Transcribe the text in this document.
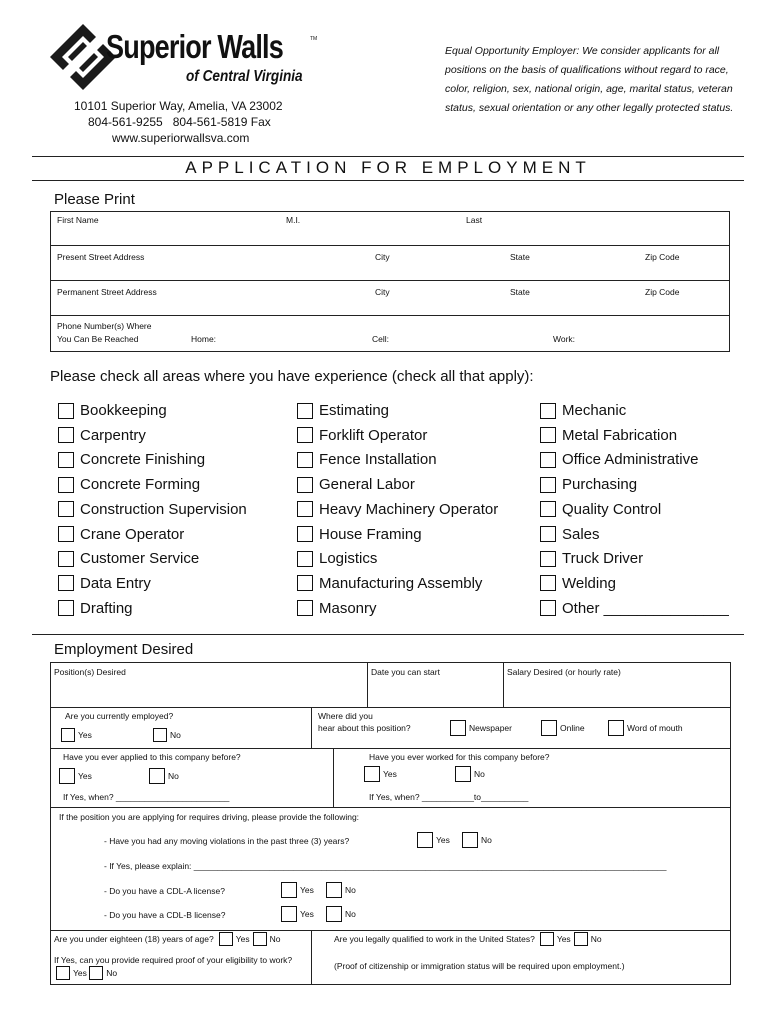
Superior Walls	TM
of Central Virginia
10101 Superior Way, Amelia, VA 23002
804-561-9255   804-561-5819 Fax
www.superiorwallsva.com
Equal Opportunity Employer: We consider applicants for all positions on the basis of qualifications without regard to race, color, religion, sex, national origin, age, marital status, veteran status, sexual orientation or any other legally protected status.
APPLICATION FOR EMPLOYMENT
Please Print
First Name	M.I.	Last
Present Street Address	City	State	Zip Code
Permanent Street Address	City	State	Zip Code
Phone Number(s) Where
You Can Be Reached	Home:	Cell:	Work:
Please check all areas where you have experience (check all that apply):
Bookkeeping
Carpentry
Concrete Finishing
Concrete Forming
Construction Supervision
Crane Operator
Customer Service
Data Entry
Drafting
Estimating
Forklift Operator
Fence Installation
General Labor
Heavy Machinery Operator
House Framing
Logistics
Manufacturing Assembly
Masonry
Mechanic
Metal Fabrication
Office Administrative
Purchasing
Quality Control
Sales
Truck Driver
Welding
Other _______________
Employment Desired
Position(s) Desired	Date you can start	Salary Desired (or hourly rate)
Are you currently employed?
Yes	No
Where did you
hear about this position?	Newspaper	Online	Word of mouth
Have you ever applied to this company before?
Yes	No
If Yes, when? ________________________
Have you ever worked for this company before?
Yes	No
If Yes, when? ___________to__________
If the position you are applying for requires driving, please provide the following:
- Have you had any moving violations in the past three (3) years?	Yes	No
- If Yes, please explain: ____________________________________________________________________________________________________
- Do you have a CDL-A license?	Yes	No
- Do you have a CDL-B license?	Yes	No
Are you under eighteen (18) years of age?	Yes No	Are you legally qualified to work in the United States?	Yes No
If Yes, can you provide required proof of your eligibility to work?
Yes
No
(Proof of citizenship or immigration status will be required upon employment.)
